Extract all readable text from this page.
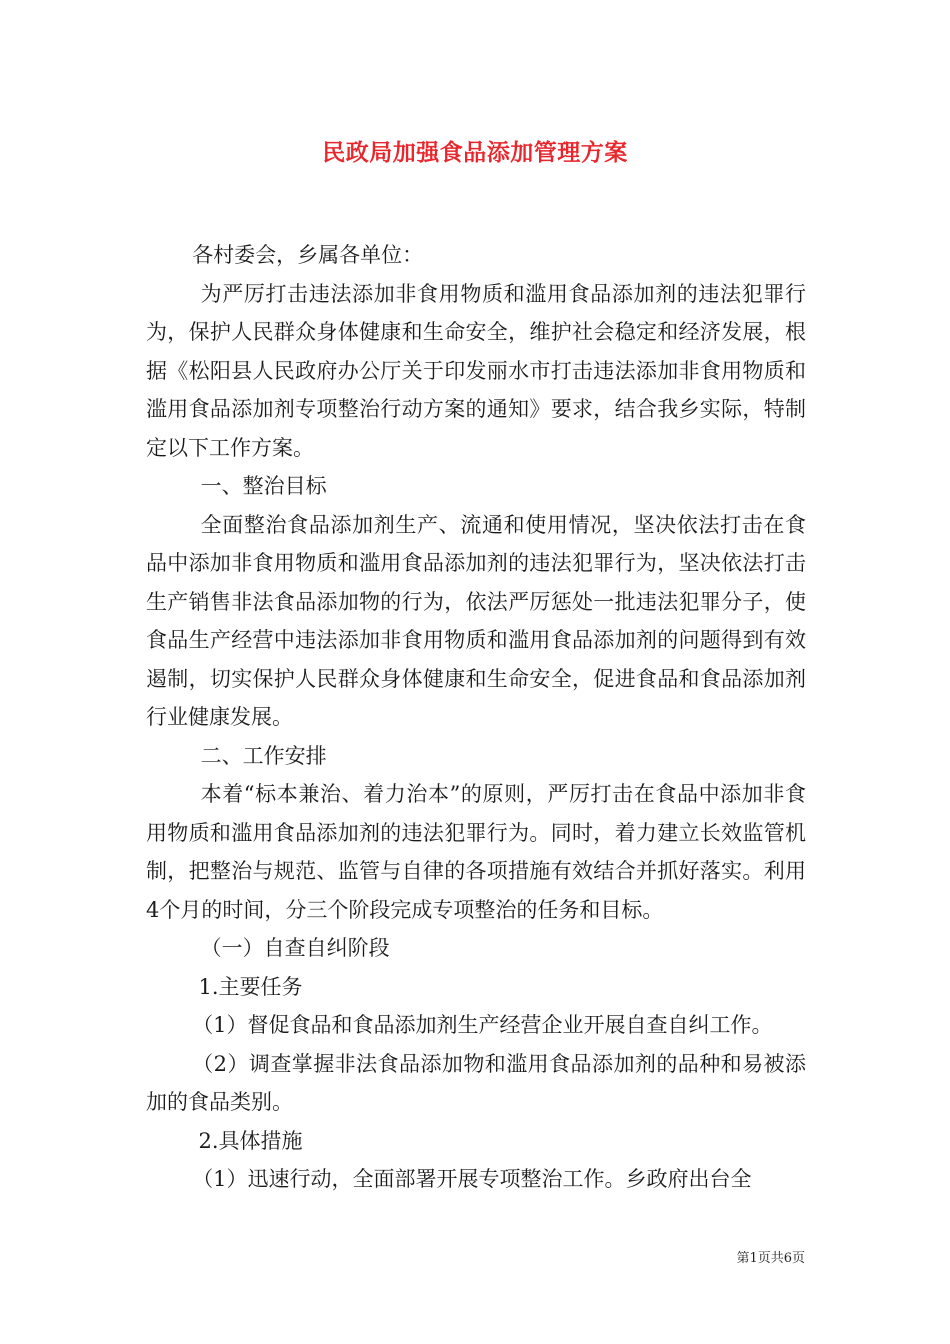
民政局加强食品添加管理方案

各村委会，乡属各单位：

为严厉打击违法添加非食用物质和滥用食品添加剂的违法犯罪行为，保护人民群众身体健康和生命安全，维护社会稳定和经济发展，根据《松阳县人民政府办公厅关于印发丽水市打击违法添加非食用物质和滥用食品添加剂专项整治行动方案的通知》要求，结合我乡实际，特制定以下工作方案。

一、整治目标

全面整治食品添加剂生产、流通和使用情况，坚决依法打击在食品中添加非食用物质和滥用食品添加剂的违法犯罪行为，坚决依法打击生产销售非法食品添加物的行为，依法严厉惩处一批违法犯罪分子，使食品生产经营中违法添加非食用物质和滥用食品添加剂的问题得到有效遏制，切实保护人民群众身体健康和生命安全，促进食品和食品添加剂行业健康发展。

二、工作安排

本着“标本兼治、着力治本”的原则，严厉打击在食品中添加非食用物质和滥用食品添加剂的违法犯罪行为。同时，着力建立长效监管机制，把整治与规范、监管与自律的各项措施有效结合并抓好落实。利用4个月的时间，分三个阶段完成专项整治的任务和目标。

（一）自查自纠阶段

1.主要任务

（1）督促食品和食品添加剂生产经营企业开展自查自纠工作。

（2）调查掌握非法食品添加物和滥用食品添加剂的品种和易被添加的食品类别。

2.具体措施

（1）迅速行动，全面部署开展专项整治工作。乡政府出台全

第1页共6页
